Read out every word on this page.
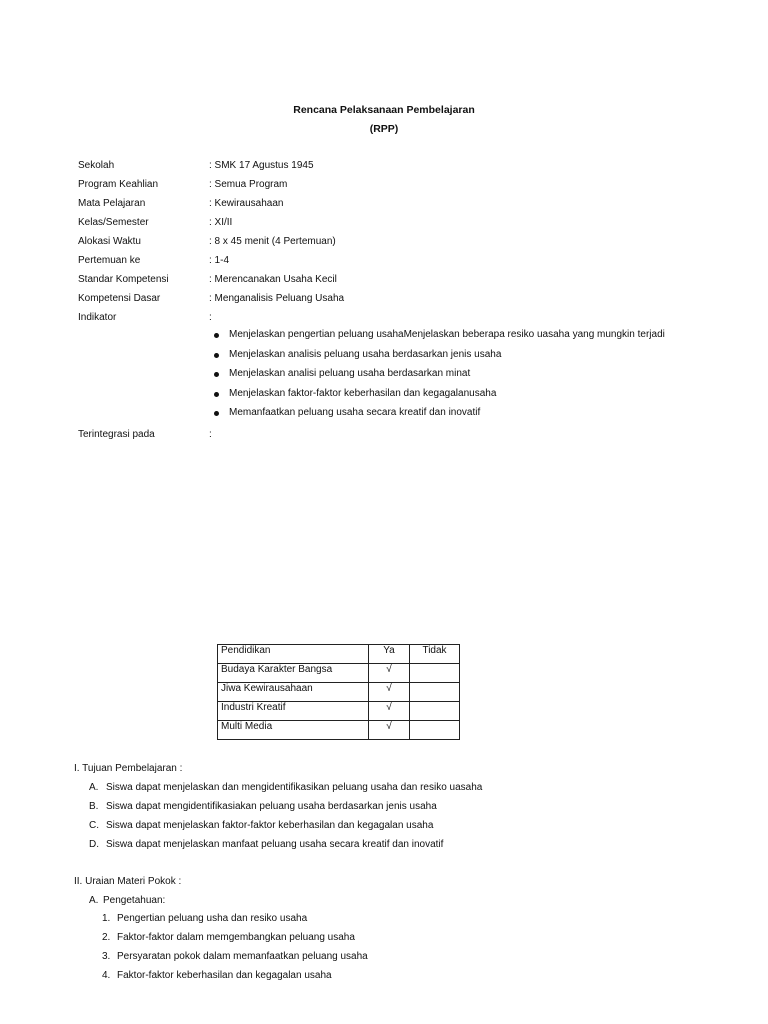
Rencana Pelaksanaan Pembelajaran
(RPP)
Sekolah	: SMK 17 Agustus 1945
Program Keahlian	: Semua Program
Mata Pelajaran	: Kewirausahaan
Kelas/Semester	: XI/II
Alokasi Waktu	: 8 x 45 menit (4 Pertemuan)
Pertemuan ke	: 1-4
Standar Kompetensi	: Merencanakan Usaha Kecil
Kompetensi Dasar	: Menganalisis Peluang Usaha
Indikator	:
Menjelaskan pengertian peluang usahaMenjelaskan beberapa resiko uasaha yang mungkin terjadi
Menjelaskan analisis peluang usaha berdasarkan jenis usaha
Menjelaskan analisi peluang usaha berdasarkan minat
Menjelaskan faktor-faktor keberhasilan dan kegagalanusaha
Memanfaatkan peluang usaha secara kreatif dan inovatif
Terintegrasi pada	:
Pendidikan	Ya	Tidak
Budaya Karakter Bangsa	√	
Jiwa Kewirausahaan	√	
Industri Kreatif	√	
Multi Media	√	
I. Tujuan Pembelajaran :
A. Siswa dapat menjelaskan dan mengidentifikasikan peluang usaha dan resiko uasaha
B. Siswa dapat mengidentifikasiakan peluang usaha berdasarkan jenis usaha
C. Siswa dapat menjelaskan faktor-faktor keberhasilan dan kegagalan usaha
D. Siswa dapat menjelaskan manfaat peluang usaha secara kreatif dan inovatif
II. Uraian Materi Pokok :
A. Pengetahuan:
1. Pengertian peluang usha dan resiko usaha
2. Faktor-faktor dalam memgembangkan peluang usaha
3. Persyaratan pokok dalam memanfaatkan peluang usaha
4. Faktor-faktor keberhasilan dan kegagalan usaha
